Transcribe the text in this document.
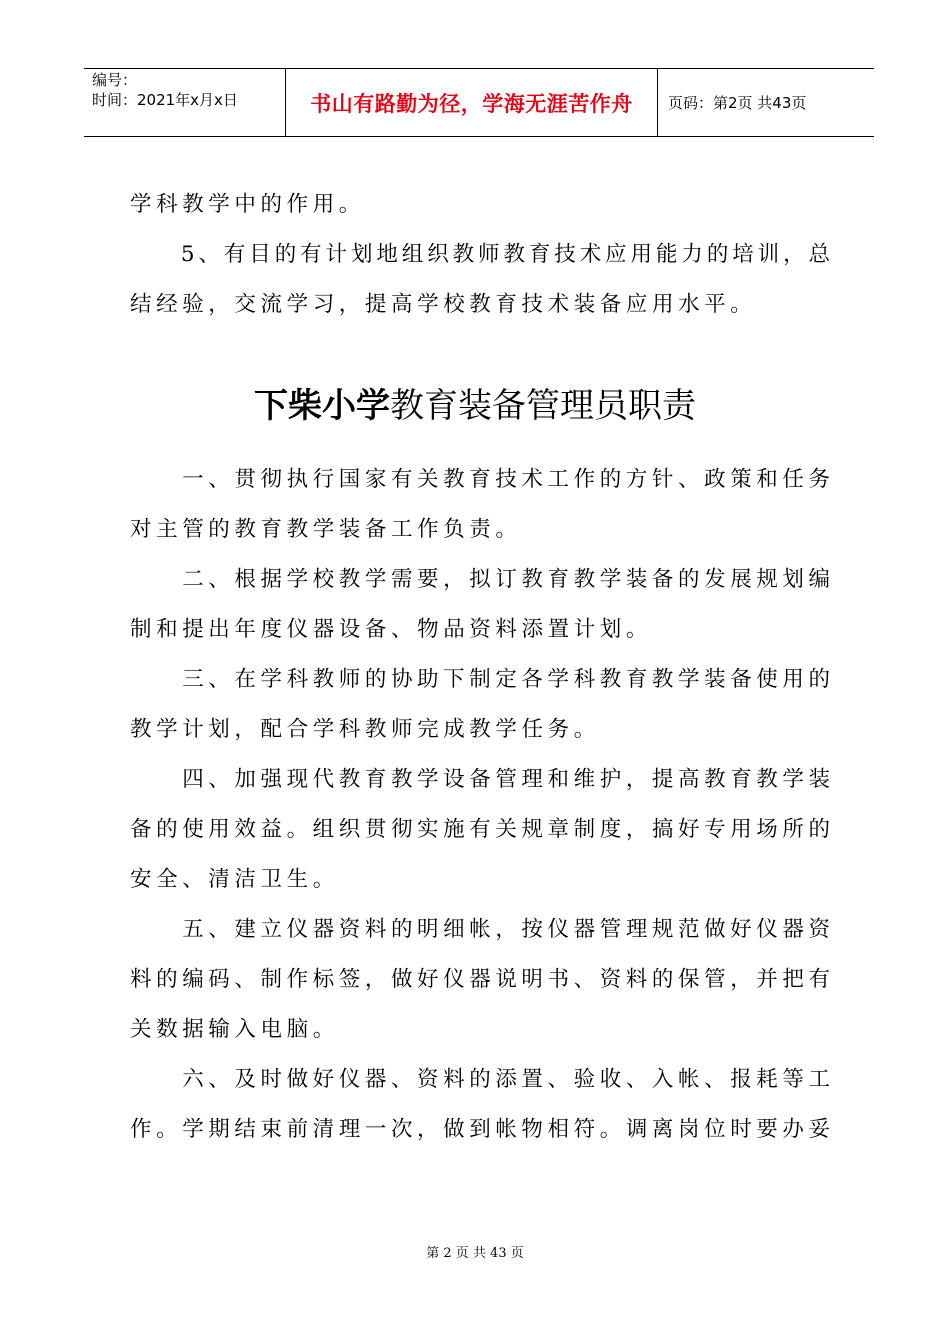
编号：
时间：2021年x月x日	书山有路勤为径，学海无涯苦作舟	页码：第2页 共43页
学科教学中的作用。
　　5、有目的有计划地组织教师教育技术应用能力的培训，总
结经验，交流学习，提高学校教育技术装备应用水平。
下柴小学教育装备管理员职责
　　一、贯彻执行国家有关教育技术工作的方针、政策和任务
对主管的教育教学装备工作负责。
　　二、根据学校教学需要，拟订教育教学装备的发展规划编
制和提出年度仪器设备、物品资料添置计划。
　　三、在学科教师的协助下制定各学科教育教学装备使用的
教学计划，配合学科教师完成教学任务。
　　四、加强现代教育教学设备管理和维护，提高教育教学装
备的使用效益。组织贯彻实施有关规章制度，搞好专用场所的
安全、清洁卫生。
　　五、建立仪器资料的明细帐，按仪器管理规范做好仪器资
料的编码、制作标签，做好仪器说明书、资料的保管，并把有
关数据输入电脑。
　　六、及时做好仪器、资料的添置、验收、入帐、报耗等工
作。学期结束前清理一次，做到帐物相符。调离岗位时要办妥
第 2 页 共 43 页
